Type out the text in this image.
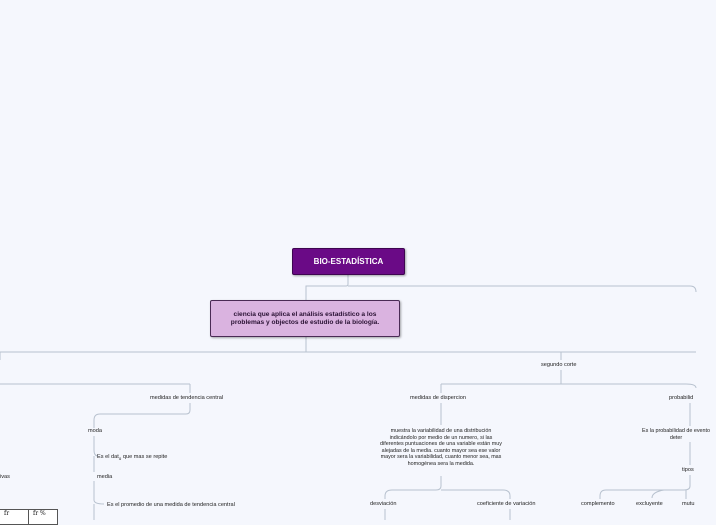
BIO-ESTADÍSTICA
ciencia que aplica el análisis estadístico a los problemas y objectos de estudio de la biología.
segundo corte
medidas de tendencia central	medidas de dispercion	probabilid
moda
Es el dat$_o$ que mas se repite
media
Es el promedio de una medida de tendencia central
ivas
muestra la variabilidad de una distribución indicándolo por medio de un numero, si las diferentes puntuaciones de una variable están muy alejadas de la media. cuanto mayor sea ese valor mayor sera la variabilidad, cuanto menor sea, mas homogénea sera la medida.
desviación	coeficiente de variación
Es la probabilidad de evento deter
tipos
complemento	excluyente	mutu
fr	fr %
